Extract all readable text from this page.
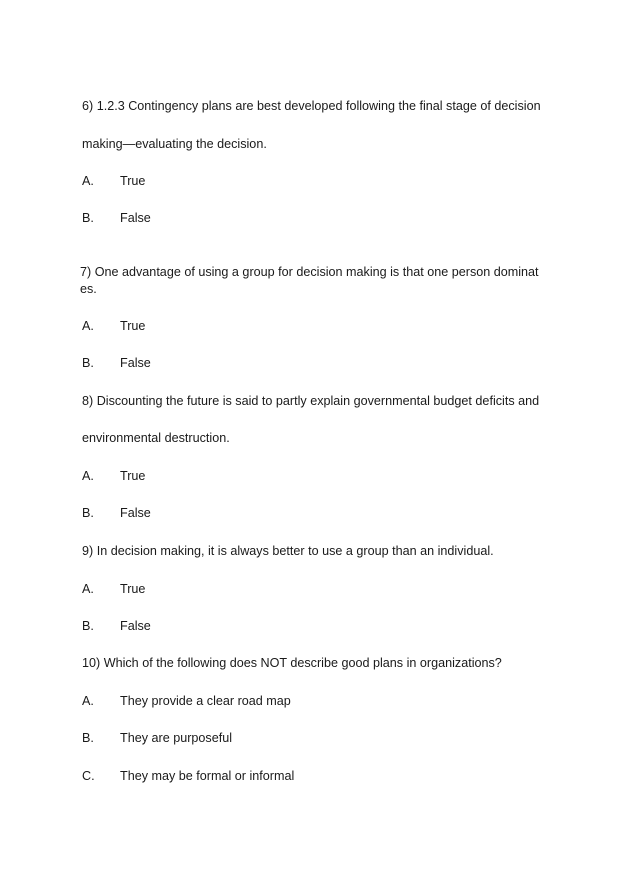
6) 1.2.3 Contingency plans are best developed following the final stage of decision
making—evaluating the decision.
A. True
B. False
7) One advantage of using a group for decision making is that one person dominat
es.
A. True
B. False
8) Discounting the future is said to partly explain governmental budget deficits and
environmental destruction.
A. True
B. False
9) In decision making, it is always better to use a group than an individual.
A. True
B. False
10) Which of the following does NOT describe good plans in organizations?
A. They provide a clear road map
B. They are purposeful
C. They may be formal or informal
